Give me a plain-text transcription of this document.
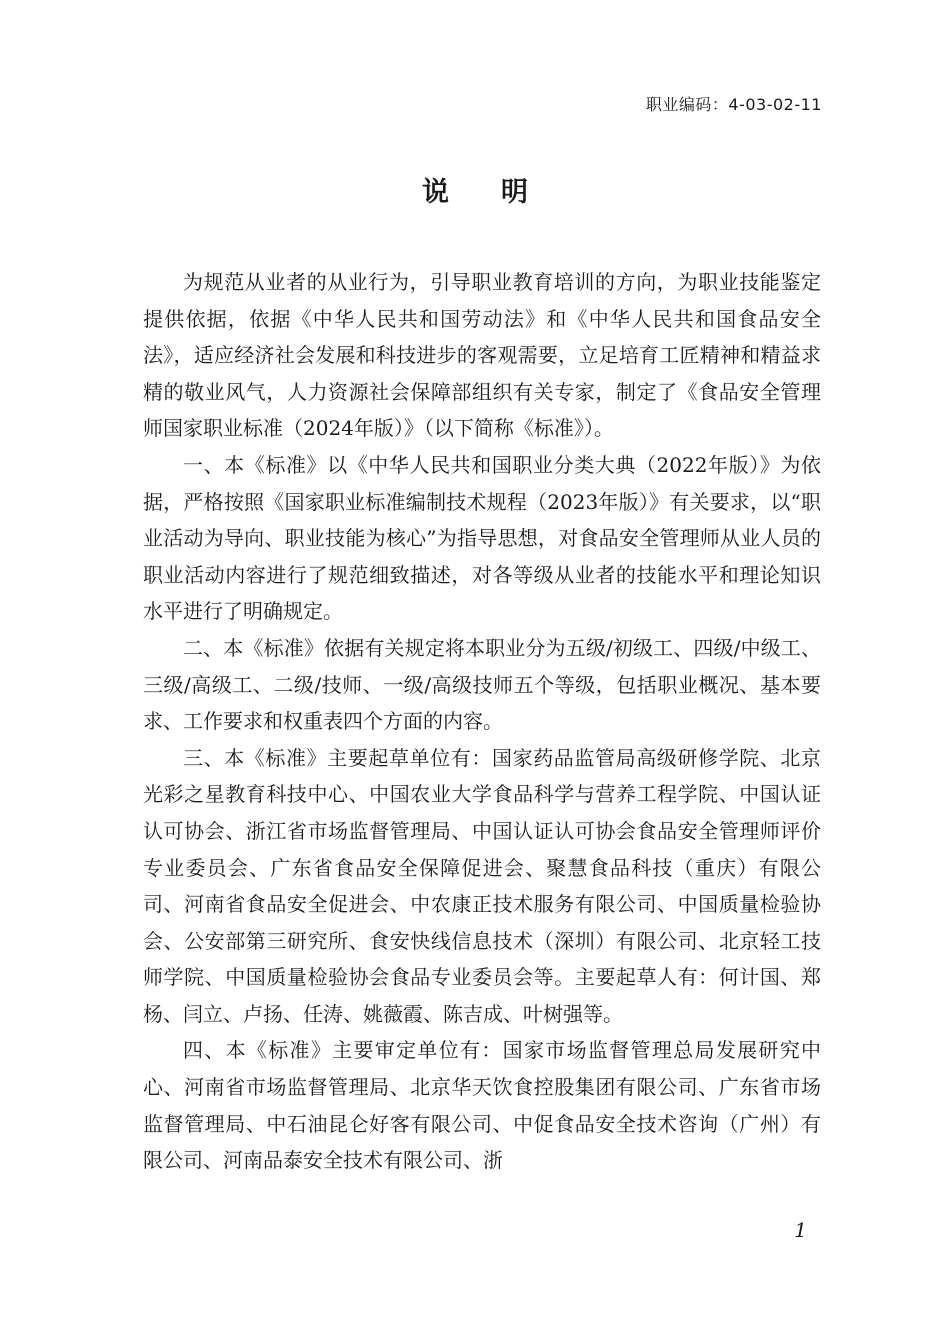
职业编码：4-03-02-11
说明

为规范从业者的从业行为，引导职业教育培训的方向，为职业技能鉴定提供依据，依据《中华人民共和国劳动法》和《中华人民共和国食品安全法》，适应经济社会发展和科技进步的客观需要，立足培育工匠精神和精益求精的敬业风气，人力资源社会保障部组织有关专家，制定了《食品安全管理师国家职业标准（2024年版）》（以下简称《标准》）。

一、本《标准》以《中华人民共和国职业分类大典（2022年版）》为依据，严格按照《国家职业标准编制技术规程（2023年版）》有关要求，以“职业活动为导向、职业技能为核心”为指导思想，对食品安全管理师从业人员的职业活动内容进行了规范细致描述，对各等级从业者的技能水平和理论知识水平进行了明确规定。

二、本《标准》依据有关规定将本职业分为五级/初级工、四级/中级工、三级/高级工、二级/技师、一级/高级技师五个等级，包括职业概况、基本要求、工作要求和权重表四个方面的内容。

三、本《标准》主要起草单位有：国家药品监管局高级研修学院、北京光彩之星教育科技中心、中国农业大学食品科学与营养工程学院、中国认证认可协会、浙江省市场监督管理局、中国认证认可协会食品安全管理师评价专业委员会、广东省食品安全保障促进会、聚慧食品科技（重庆）有限公司、河南省食品安全促进会、中农康正技术服务有限公司、中国质量检验协会、公安部第三研究所、食安快线信息技术（深圳）有限公司、北京轻工技师学院、中国质量检验协会食品专业委员会等。主要起草人有：何计国、郑杨、闫立、卢扬、任涛、姚薇霞、陈吉成、叶树强等。

四、本《标准》主要审定单位有：国家市场监督管理总局发展研究中心、河南省市场监督管理局、北京华天饮食控股集团有限公司、广东省市场监督管理局、中石油昆仑好客有限公司、中促食品安全技术咨询（广州）有限公司、河南品泰安全技术有限公司、浙

1
